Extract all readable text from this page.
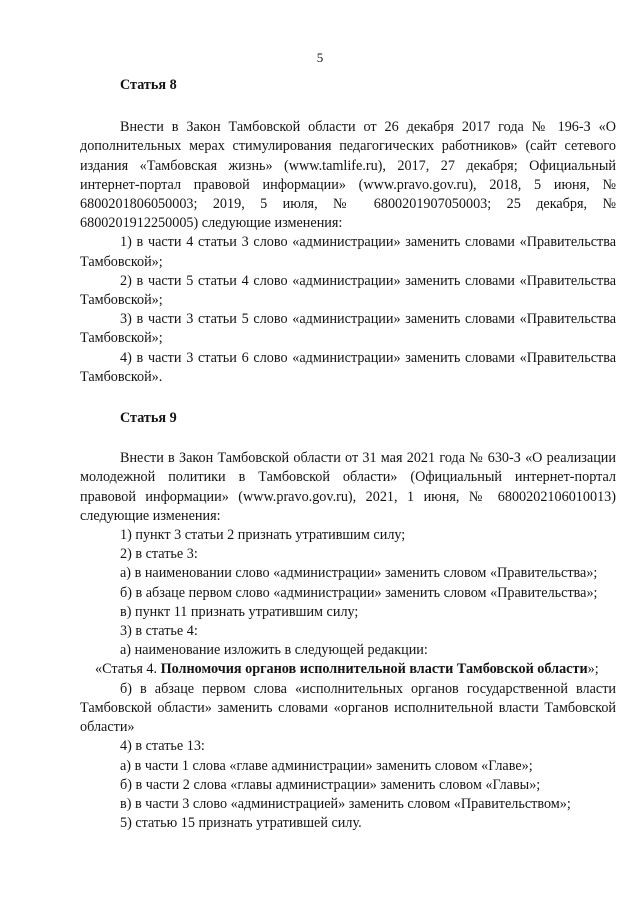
5

Статья 8

Внести в Закон Тамбовской области от 26 декабря 2017 года № 196-З «О дополнительных мерах стимулирования педагогических работников» (сайт сетевого издания «Тамбовская жизнь» (www.tamlife.ru), 2017, 27 декабря; Официальный интернет-портал правовой информации» (www.pravo.gov.ru), 2018, 5 июня, № 6800201806050003; 2019, 5 июля, № 6800201907050003; 25 декабря, № 6800201912250005) следующие изменения:

1) в части 4 статьи 3 слово «администрации» заменить словами «Правительства Тамбовской»;

2) в части 5 статьи 4 слово «администрации» заменить словами «Правительства Тамбовской»;

3) в части 3 статьи 5 слово «администрации» заменить словами «Правительства Тамбовской»;

4) в части 3 статьи 6 слово «администрации» заменить словами «Правительства Тамбовской».

Статья 9

Внести в Закон Тамбовской области от 31 мая 2021 года № 630-З «О реализации молодежной политики в Тамбовской области» (Официальный интернет-портал правовой информации» (www.pravo.gov.ru), 2021, 1 июня, № 6800202106010013) следующие изменения:

1) пункт 3 статьи 2 признать утратившим силу;

2) в статье 3:

а) в наименовании слово «администрации» заменить словом «Правительства»;

б) в абзаце первом слово «администрации» заменить словом «Правительства»;

в) пункт 11 признать утратившим силу;

3) в статье 4:

а) наименование изложить в следующей редакции:

«Статья 4. Полномочия органов исполнительной власти Тамбовской области»;

б) в абзаце первом слова «исполнительных органов государственной власти Тамбовской области» заменить словами «органов исполнительной власти Тамбовской области»

4) в статье 13:

а) в части 1 слова «главе администрации» заменить словом «Главе»;

б) в части 2 слова «главы администрации» заменить словом «Главы»;

в) в части 3 слово «администрацией» заменить словом «Правительством»;

5) статью 15 признать утратившей силу.
